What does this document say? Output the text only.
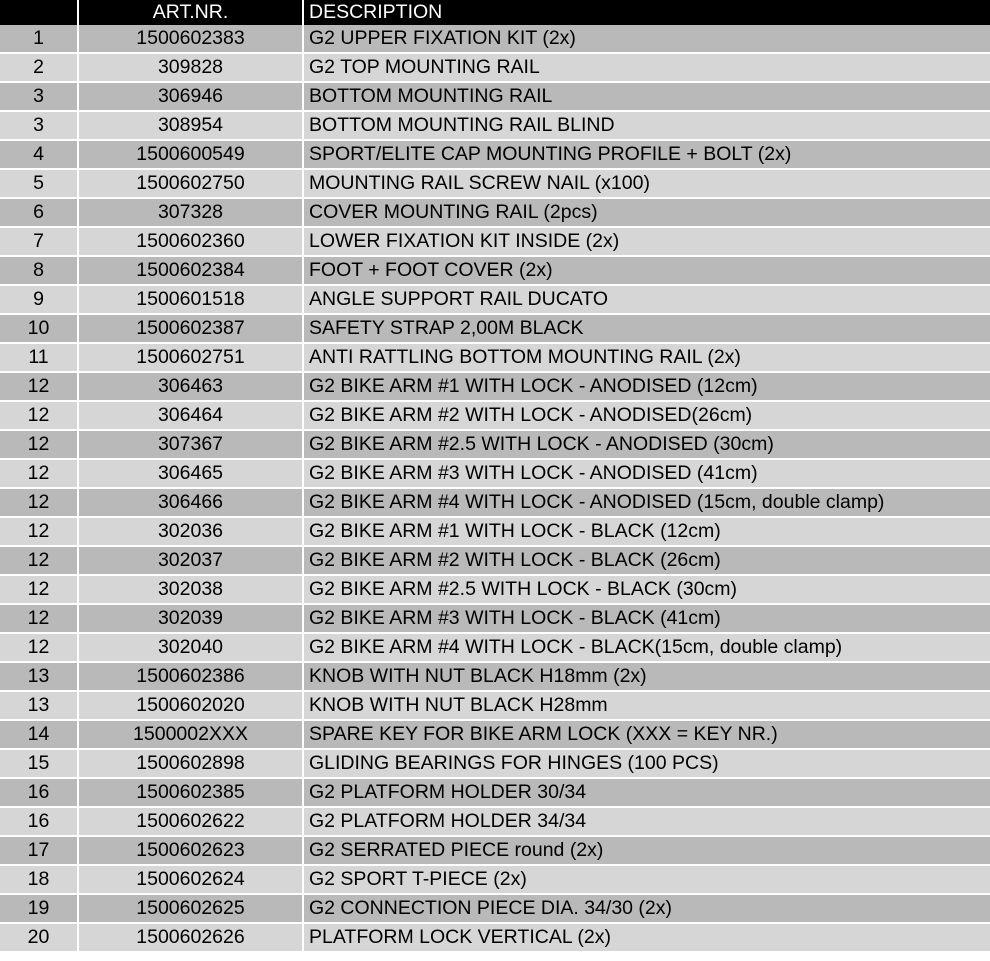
	ART.NR.	DESCRIPTION
1	1500602383	G2 UPPER FIXATION KIT (2x)
2	309828	G2 TOP MOUNTING RAIL
3	306946	BOTTOM MOUNTING RAIL
3	308954	BOTTOM MOUNTING RAIL BLIND
4	1500600549	SPORT/ELITE CAP MOUNTING PROFILE + BOLT (2x)
5	1500602750	MOUNTING RAIL SCREW NAIL (x100)
6	307328	COVER MOUNTING RAIL (2pcs)
7	1500602360	LOWER FIXATION KIT INSIDE (2x)
8	1500602384	FOOT + FOOT COVER (2x)
9	1500601518	ANGLE SUPPORT RAIL DUCATO
10	1500602387	SAFETY STRAP 2,00M BLACK
11	1500602751	ANTI RATTLING BOTTOM MOUNTING RAIL (2x)
12	306463	G2 BIKE ARM #1 WITH LOCK - ANODISED (12cm)
12	306464	G2 BIKE ARM #2 WITH LOCK - ANODISED(26cm)
12	307367	G2 BIKE ARM #2.5 WITH LOCK - ANODISED (30cm)
12	306465	G2 BIKE ARM #3 WITH LOCK - ANODISED (41cm)
12	306466	G2 BIKE ARM #4 WITH LOCK - ANODISED (15cm, double clamp)
12	302036	G2 BIKE ARM #1 WITH LOCK - BLACK (12cm)
12	302037	G2 BIKE ARM #2 WITH LOCK - BLACK (26cm)
12	302038	G2 BIKE ARM #2.5 WITH LOCK - BLACK (30cm)
12	302039	G2 BIKE ARM #3 WITH LOCK - BLACK (41cm)
12	302040	G2 BIKE ARM #4 WITH LOCK - BLACK(15cm, double clamp)
13	1500602386	KNOB WITH NUT BLACK H18mm (2x)
13	1500602020	KNOB WITH NUT BLACK H28mm
14	1500002XXX	SPARE KEY FOR BIKE ARM LOCK (XXX = KEY NR.)
15	1500602898	GLIDING BEARINGS FOR HINGES (100 PCS)
16	1500602385	G2 PLATFORM HOLDER 30/34
16	1500602622	G2 PLATFORM HOLDER 34/34
17	1500602623	G2 SERRATED PIECE round (2x)
18	1500602624	G2 SPORT T-PIECE (2x)
19	1500602625	G2 CONNECTION PIECE DIA. 34/30 (2x)
20	1500602626	PLATFORM LOCK VERTICAL (2x)
